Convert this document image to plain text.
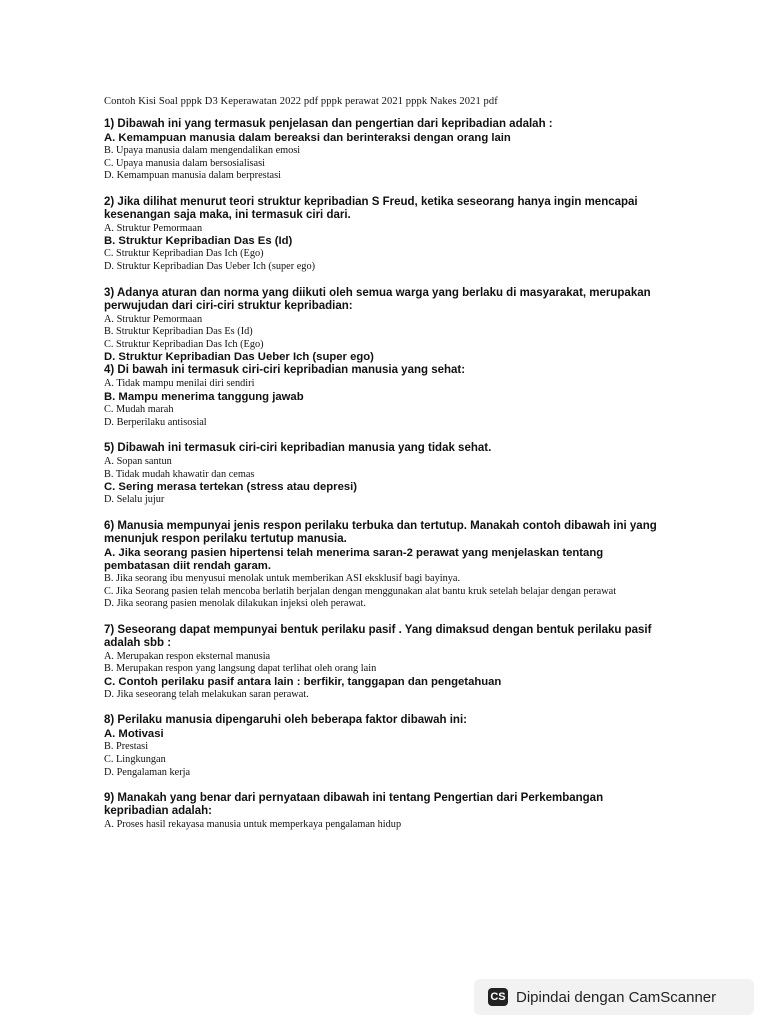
Contoh Kisi Soal pppk D3 Keperawatan 2022 pdf pppk perawat 2021 pppk Nakes 2021 pdf
1) Dibawah ini yang termasuk penjelasan dan pengertian dari kepribadian adalah :
A. Kemampuan manusia dalam bereaksi dan berinteraksi dengan orang lain
B. Upaya manusia dalam mengendalikan emosi
C. Upaya manusia dalam bersosialisasi
D. Kemampuan manusia dalam berprestasi
2) Jika dilihat menurut teori struktur kepribadian S Freud, ketika seseorang hanya ingin mencapai kesenangan saja maka, ini termasuk ciri dari.
A. Struktur Pemormaan
B. Struktur Kepribadian Das Es (Id)
C. Struktur Kepribadian Das Ich (Ego)
D. Struktur Kepribadian Das Ueber Ich (super ego)
3) Adanya aturan dan norma yang diikuti oleh semua warga yang berlaku di masyarakat, merupakan perwujudan dari ciri-ciri struktur kepribadian:
A. Struktur Pemormaan
B. Struktur Kepribadian Das Es (Id)
C. Struktur Kepribadian Das Ich (Ego)
D. Struktur Kepribadian Das Ueber Ich (super ego)
4) Di bawah ini termasuk ciri-ciri kepribadian manusia yang sehat:
A. Tidak mampu menilai diri sendiri
B. Mampu menerima tanggung jawab
C. Mudah marah
D. Berperilaku antisosial
5) Dibawah ini termasuk ciri-ciri kepribadian manusia yang tidak sehat.
A. Sopan santun
B. Tidak mudah khawatir dan cemas
C. Sering merasa tertekan (stress atau depresi)
D. Selalu jujur
6) Manusia mempunyai jenis respon perilaku terbuka dan tertutup. Manakah contoh dibawah ini yang menunjuk respon perilaku tertutup manusia.
A. Jika seorang pasien hipertensi telah menerima saran-2 perawat yang menjelaskan tentang pembatasan diit rendah garam.
B. Jika seorang ibu menyusui menolak untuk memberikan ASI eksklusif bagi bayinya.
C. Jika Seorang pasien telah mencoba berlatih berjalan dengan menggunakan alat bantu kruk setelah belajar dengan perawat
D. Jika seorang pasien menolak dilakukan injeksi oleh perawat.
7) Seseorang dapat mempunyai bentuk perilaku pasif . Yang dimaksud dengan bentuk perilaku pasif adalah sbb :
A. Merupakan respon eksternal manusia
B. Merupakan respon yang langsung dapat terlihat oleh orang lain
C. Contoh perilaku pasif antara lain : berfikir, tanggapan dan pengetahuan
D. Jika seseorang telah melakukan saran perawat.
8) Perilaku manusia dipengaruhi oleh beberapa faktor dibawah ini:
A. Motivasi
B. Prestasi
C. Lingkungan
D. Pengalaman kerja
9) Manakah yang benar dari pernyataan dibawah ini tentang Pengertian dari Perkembangan kepribadian adalah:
A. Proses hasil rekayasa manusia untuk memperkaya pengalaman hidup
CS Dipindai dengan CamScanner
